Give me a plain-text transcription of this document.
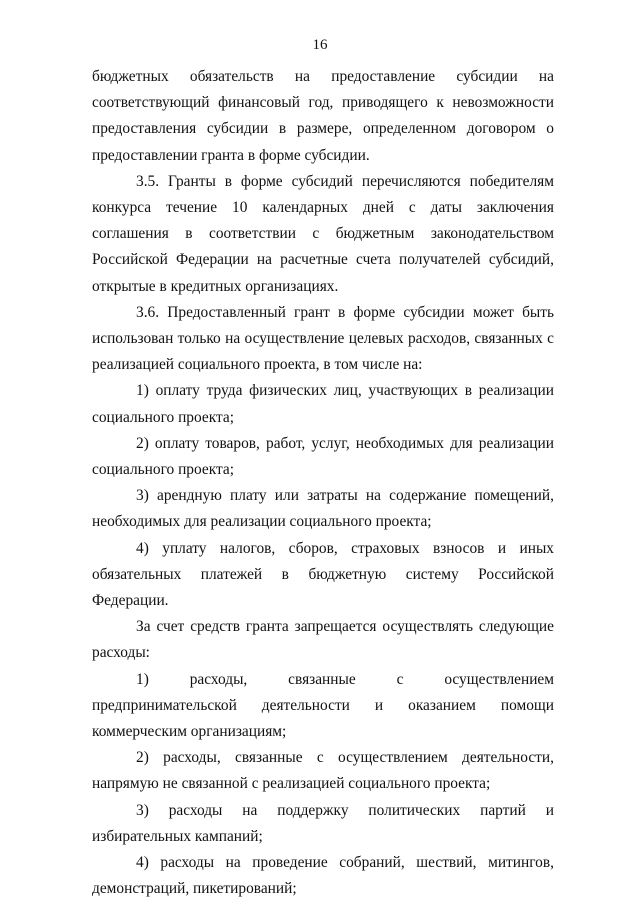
16

бюджетных обязательств на предоставление субсидии на соответствующий финансовый год, приводящего к невозможности предоставления субсидии в размере, определенном договором о предоставлении гранта в форме субсидии.

3.5. Гранты в форме субсидий перечисляются победителям конкурса течение 10 календарных дней с даты заключения соглашения в соответствии с бюджетным законодательством Российской Федерации на расчетные счета получателей субсидий, открытые в кредитных организациях.

3.6. Предоставленный грант в форме субсидии может быть использован только на осуществление целевых расходов, связанных с реализацией социального проекта, в том числе на:

1) оплату труда физических лиц, участвующих в реализации социального проекта;

2) оплату товаров, работ, услуг, необходимых для реализации социального проекта;

3) арендную плату или затраты на содержание помещений, необходимых для реализации социального проекта;

4) уплату налогов, сборов, страховых взносов и иных обязательных платежей в бюджетную систему Российской Федерации.

За счет средств гранта запрещается осуществлять следующие расходы:

1) расходы, связанные с осуществлением предпринимательской деятельности и оказанием помощи коммерческим организациям;

2) расходы, связанные с осуществлением деятельности, напрямую не связанной с реализацией социального проекта;

3) расходы на поддержку политических партий и избирательных кампаний;

4) расходы на проведение собраний, шествий, митингов, демонстраций, пикетирований;
